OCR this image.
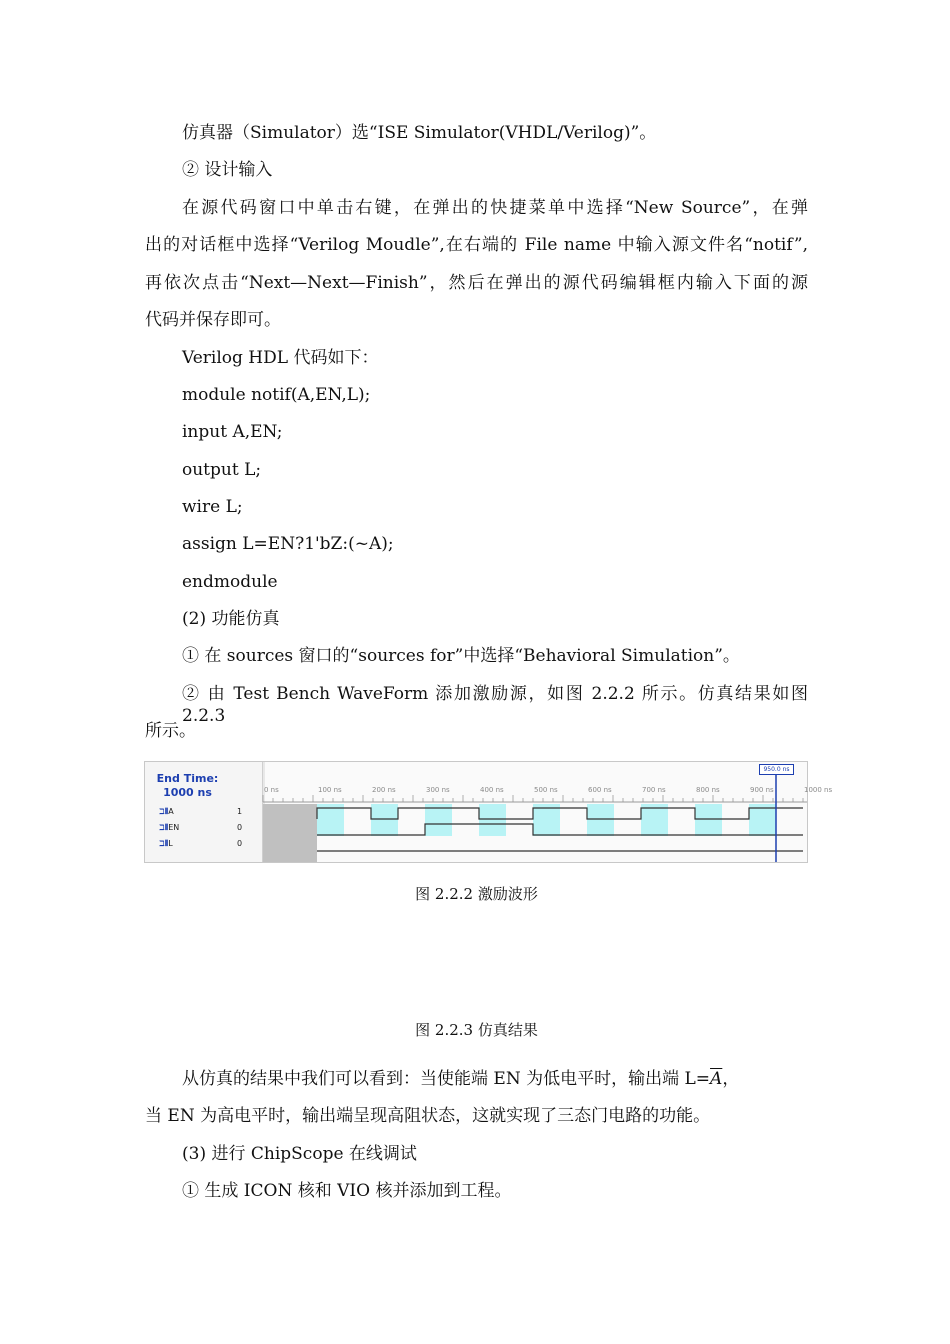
仿真器（Simulator）选“ISE Simulator(VHDL/Verilog)”。
② 设计输入
在源代码窗口中单击右键，在弹出的快捷菜单中选择“New Source”，在弹
出的对话框中选择“Verilog Moudle”,在右端的 File name 中输入源文件名“notif”,
再依次点击“Next—Next—Finish”，然后在弹出的源代码编辑框内输入下面的源
代码并保存即可。
Verilog HDL 代码如下：
module notif(A,EN,L);
input A,EN;
output L;
wire L;
assign L=EN?1'bZ:(~A);
endmodule
(2) 功能仿真
① 在 sources 窗口的“sources for”中选择“Behavioral Simulation”。
② 由 Test Bench WaveForm 添加激励源，如图 2.2.2 所示。仿真结果如图 2.2.3
所示。
End Time:
1000 ns
ℶ⫴A	1
ℶ⫴EN	0
ℶ⫴L	0
0 ns	100 ns	200 ns	300 ns	400 ns	500 ns	600 ns	700 ns	800 ns	900 ns	1000 ns
950.0 ns
图 2.2.2 激励波形
图 2.2.3 仿真结果
从仿真的结果中我们可以看到：当使能端 EN 为低电平时，输出端 $L=\overline{A}$，
当 EN 为高电平时，输出端呈现高阻状态，这就实现了三态门电路的功能。
(3) 进行 ChipScope 在线调试
① 生成 ICON 核和 VIO 核并添加到工程。
